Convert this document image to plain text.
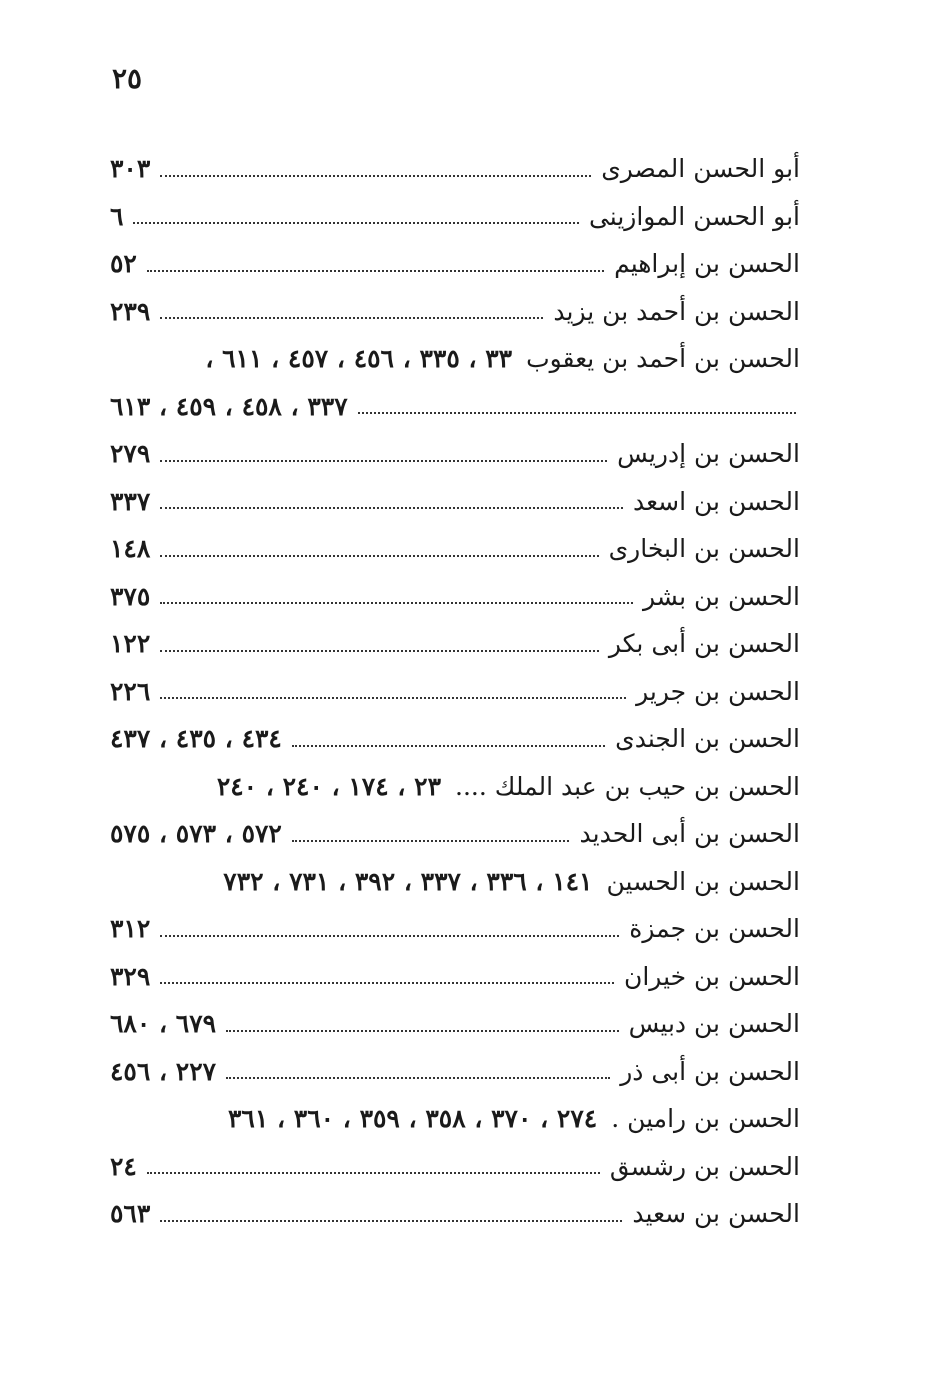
٢٥
أبو الحسن المصرى
٣٠٣
أبو الحسن الموازينى
٦
الحسن بن إبراهيم
٥٢
الحسن بن أحمد بن يزيد
٢٣٩
الحسن بن أحمد بن يعقوب
٣٣ ، ٣٣٥ ، ٤٥٦ ، ٤٥٧ ، ٦١١ ،
٣٣٧ ، ٤٥٨ ، ٤٥٩ ، ٦١٣
الحسن بن إدريس
٢٧٩
الحسن بن اسعد
٣٣٧
الحسن بن البخارى
١٤٨
الحسن بن بشر
٣٧٥
الحسن بن أبى بكر
١٢٢
الحسن بن جرير
٢٢٦
الحسن بن الجندى
٤٣٤ ، ٤٣٥ ، ٤٣٧
الحسن بن حيب بن عبد الملك ....
٢٣ ، ١٧٤ ، ٢٤٠ ، ٢٤٠
الحسن بن أبى الحديد
٥٧٢ ، ٥٧٣ ، ٥٧٥
الحسن بن الحسين
١٤١ ، ٣٣٦ ، ٣٣٧ ، ٣٩٢ ، ٧٣١ ، ٧٣٢
الحسن بن جمزة
٣١٢
الحسن بن خيران
٣٢٩
الحسن بن دبيس
٦٧٩ ، ٦٨٠
الحسن بن أبى ذر
٢٢٧ ، ٤٥٦
الحسن بن رامين .
٢٧٤ ، ٣٧٠ ، ٣٥٨ ، ٣٥٩ ، ٣٦٠ ، ٣٦١
الحسن بن رشسق
٢٤
الحسن بن سعيد
٥٦٣
